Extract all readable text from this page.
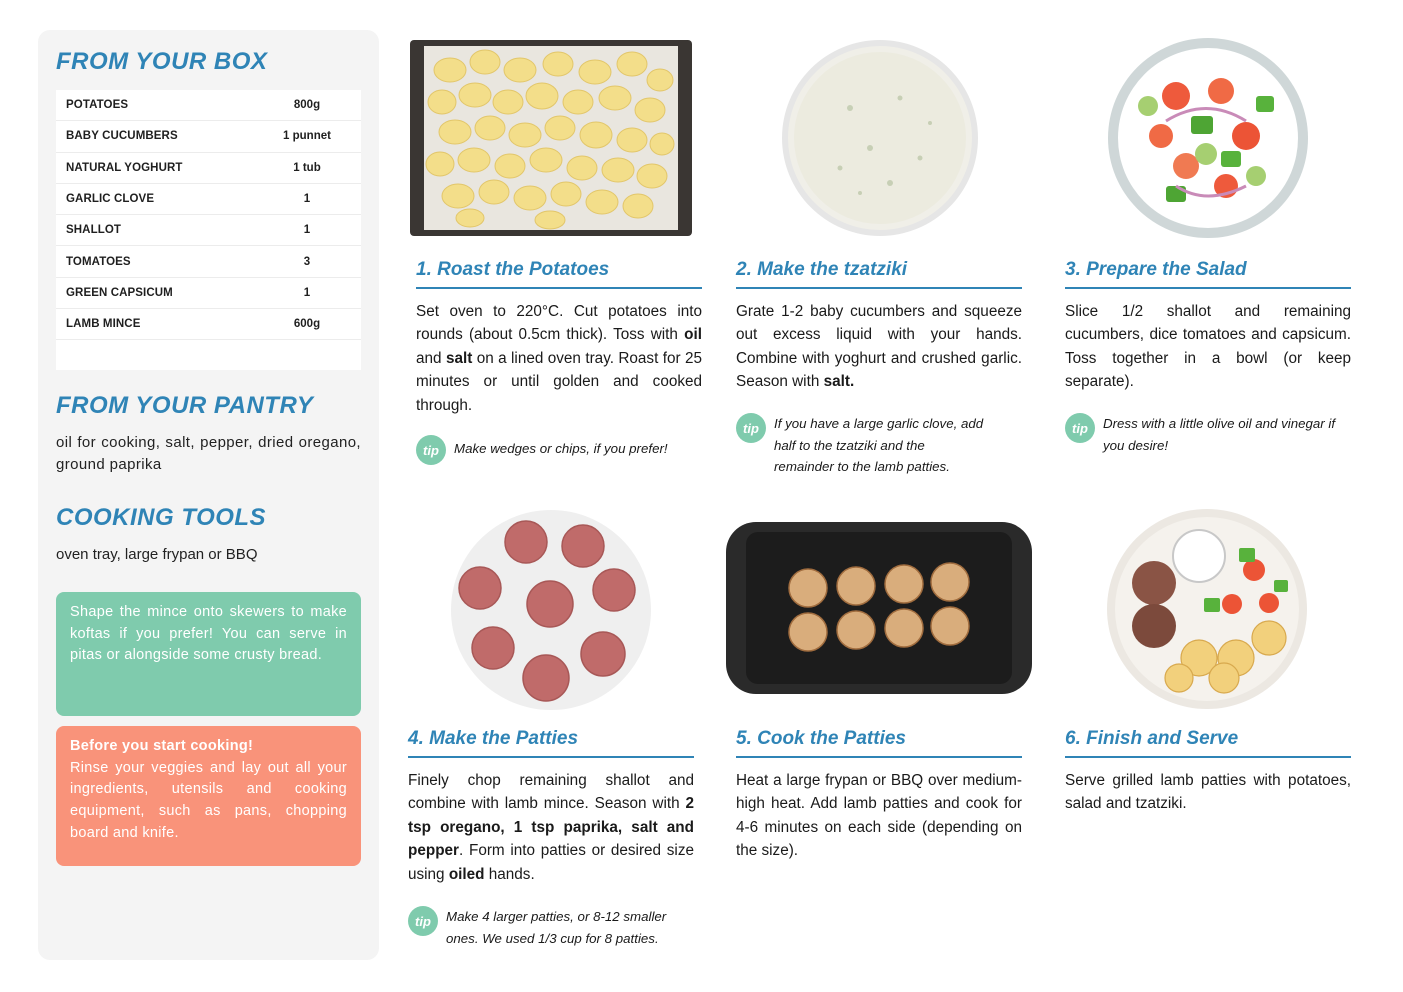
FROM YOUR BOX
POTATOES	800g
BABY CUCUMBERS	1 punnet
NATURAL YOGHURT	1 tub
GARLIC CLOVE	1
SHALLOT	1
TOMATOES	3
GREEN CAPSICUM	1
LAMB MINCE	600g
FROM YOUR PANTRY
oil for cooking, salt, pepper, dried oregano, ground paprika
COOKING TOOLS
oven tray, large frypan or BBQ
Shape the mince onto skewers to make koftas if you prefer! You can serve in pitas or alongside some crusty bread.
Before you start cooking!
Rinse your veggies and lay out all your ingredients, utensils and cooking equipment, such as pans, chopping board and knife.
1. Roast the Potatoes
Set oven to 220°C. Cut potatoes into rounds (about 0.5cm thick). Toss with oil and salt on a lined oven tray. Roast for 25 minutes or until golden and cooked through.
tip	Make wedges or chips, if you prefer!
2. Make the tzatziki
Grate 1-2 baby cucumbers and squeeze out excess liquid with your hands. Combine with yoghurt and crushed garlic. Season with salt.
tip	If you have a large garlic clove, add half to the tzatziki and the remainder to the lamb patties.
3. Prepare the Salad
Slice 1/2 shallot and remaining cucumbers, dice tomatoes and capsicum. Toss together in a bowl (or keep separate).
tip	Dress with a little olive oil and vinegar if you desire!
4. Make the Patties
Finely chop remaining shallot and combine with lamb mince. Season with 2 tsp oregano, 1 tsp paprika, salt and pepper. Form into patties or desired size using oiled hands.
tip	Make 4 larger patties, or 8-12 smaller ones. We used 1/3 cup for 8 patties.
5. Cook the Patties
Heat a large frypan or BBQ over medium-high heat. Add lamb patties and cook for 4-6 minutes on each side (depending on the size).
6. Finish and Serve
Serve grilled lamb patties with potatoes, salad and tzatziki.
